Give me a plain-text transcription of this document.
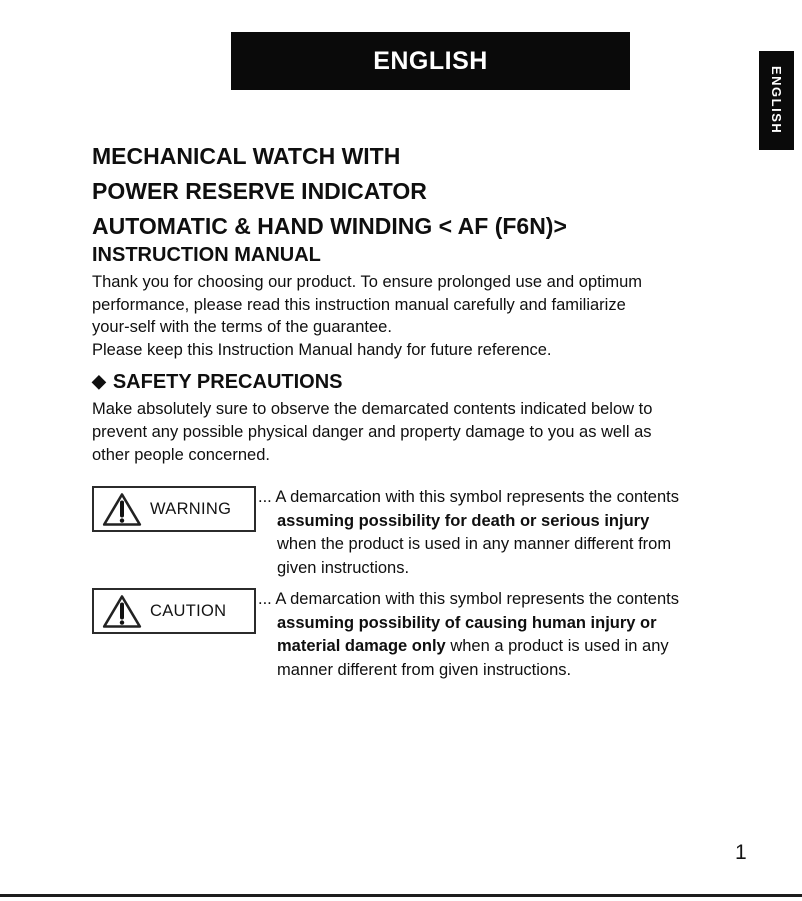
ENGLISH
ENGLISH
MECHANICAL WATCH WITH
POWER RESERVE INDICATOR
AUTOMATIC & HAND WINDING < AF (F6N)>
INSTRUCTION MANUAL
Thank you for choosing our product. To ensure prolonged use and optimum
performance, please read this instruction manual carefully and familiarize
your-self with the terms of the guarantee.
Please keep this Instruction Manual handy for future reference.
◆ SAFETY PRECAUTIONS
Make absolutely sure to observe the demarcated contents indicated below to
prevent any possible physical danger and property damage to you as well as
other people concerned.
WARNING
... A demarcation with this symbol represents the contents
assuming possibility for death or serious injury
when the product is used in any manner different from
given instructions.
CAUTION
... A demarcation with this symbol represents the contents
assuming possibility of causing human injury or
material damage only when a product is used in any
manner different from given instructions.
1
